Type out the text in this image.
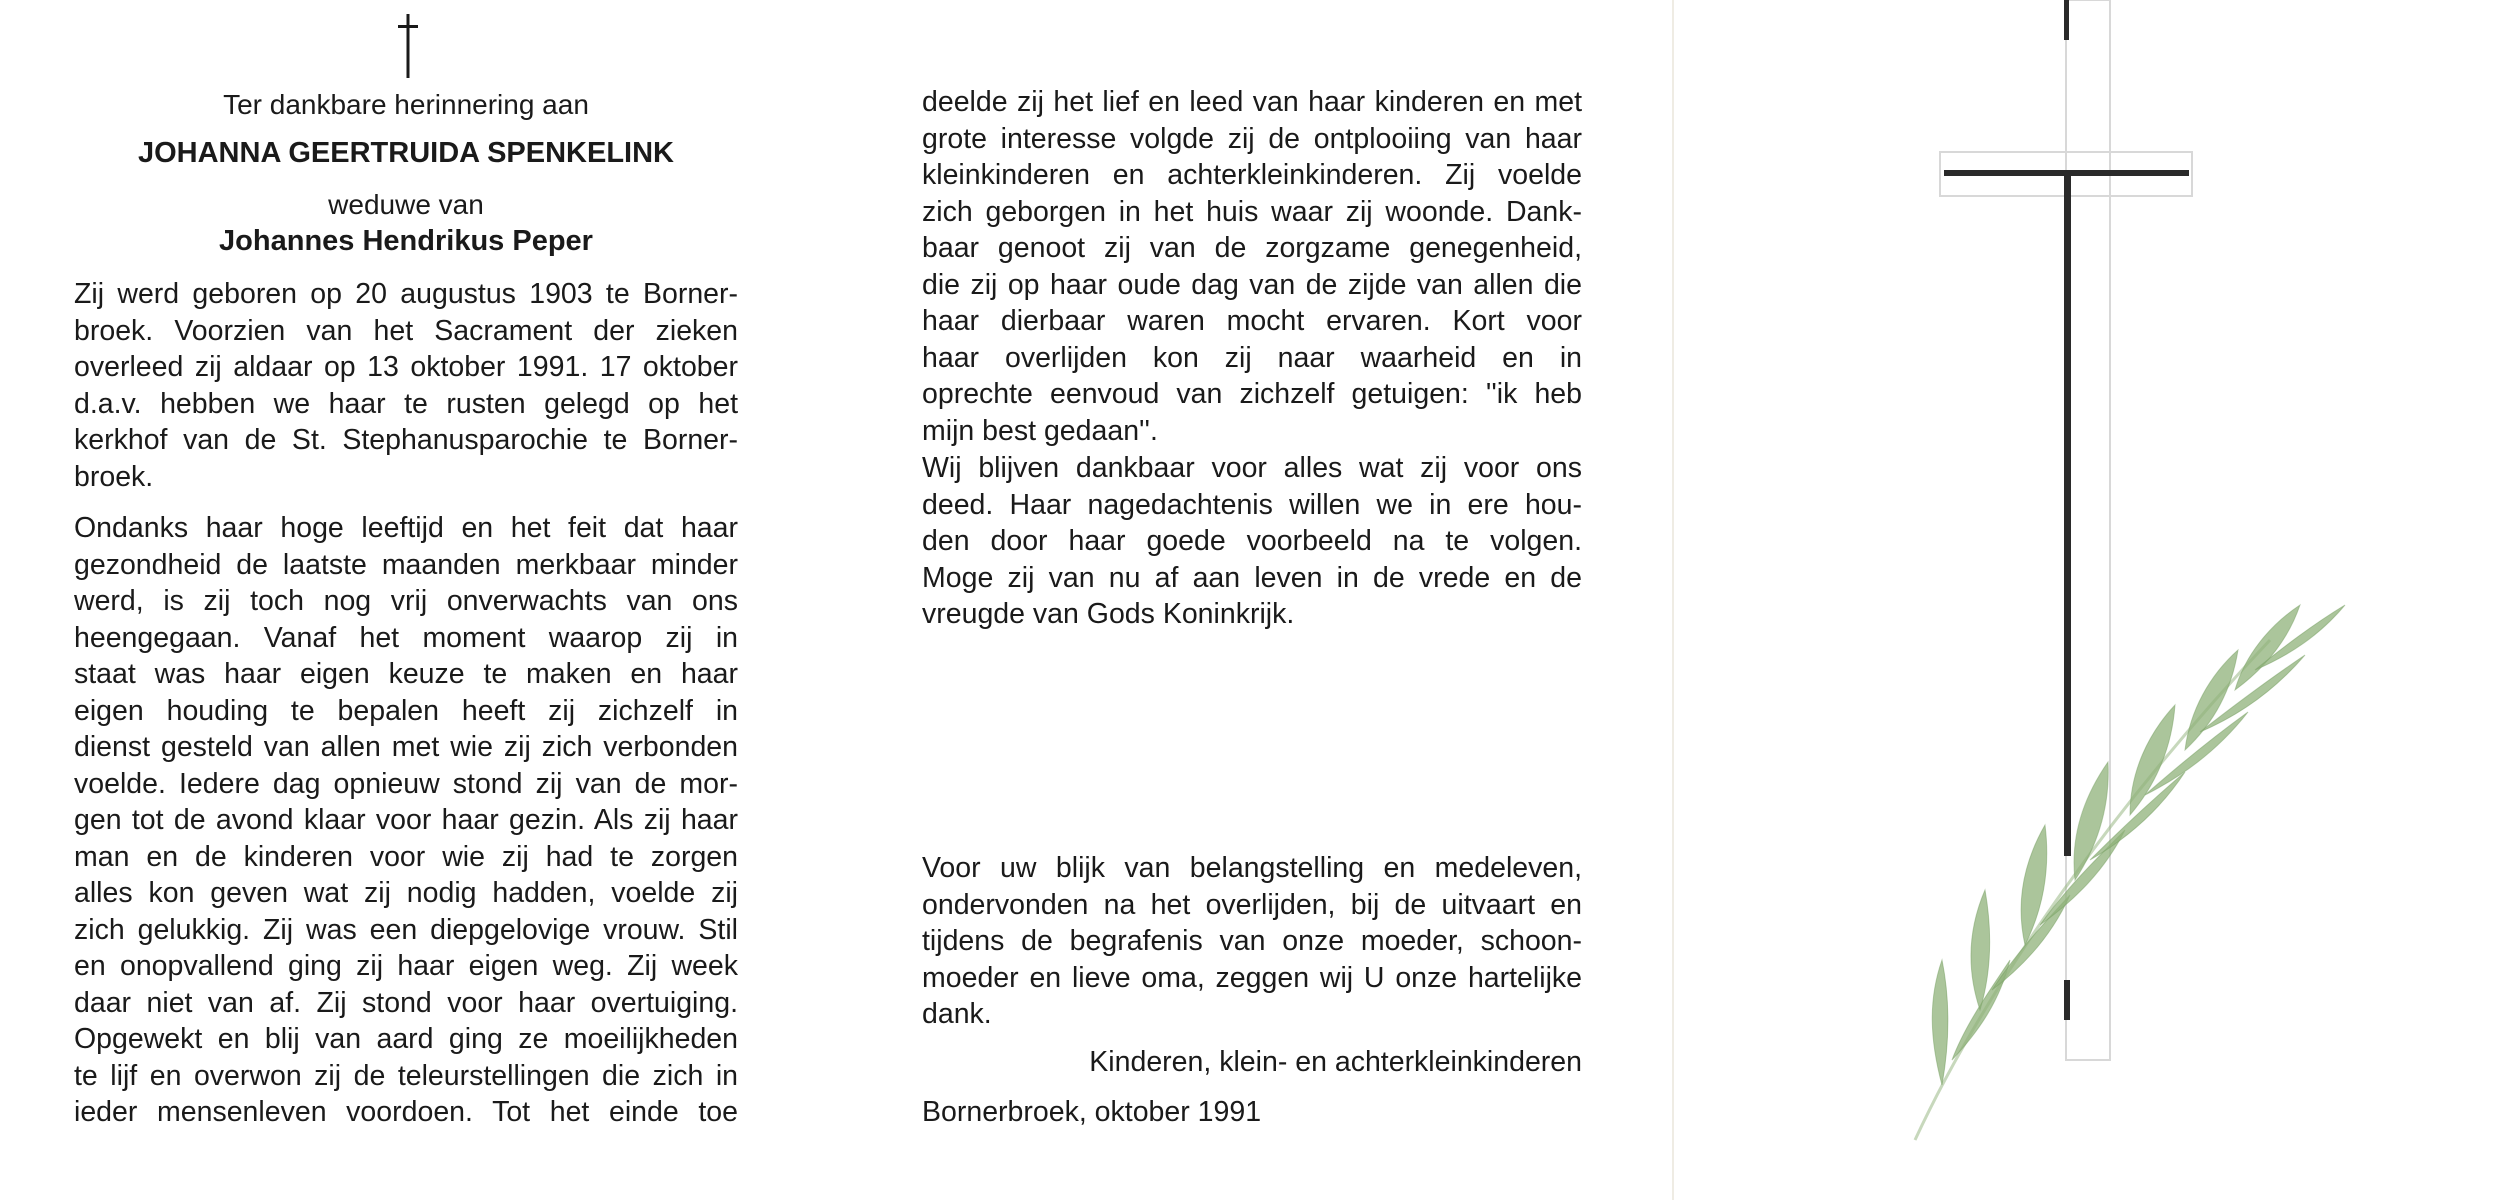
Ter dankbare herinnering aan
JOHANNA GEERTRUIDA SPENKELINK
weduwe van
Johannes Hendrikus Peper
Zij werd geboren op 20 augustus 1903 te Borner-
broek. Voorzien van het Sacrament der zieken
overleed zij aldaar op 13 oktober 1991. 17 oktober
d.a.v. hebben we haar te rusten gelegd op het
kerkhof van de St. Stephanusparochie te Borner-
broek.
Ondanks haar hoge leeftijd en het feit dat haar
gezondheid de laatste maanden merkbaar minder
werd, is zij toch nog vrij onverwachts van ons
heengegaan. Vanaf het moment waarop zij in
staat was haar eigen keuze te maken en haar
eigen houding te bepalen heeft zij zichzelf in
dienst gesteld van allen met wie zij zich verbonden
voelde. Iedere dag opnieuw stond zij van de mor-
gen tot de avond klaar voor haar gezin. Als zij haar
man en de kinderen voor wie zij had te zorgen
alles kon geven wat zij nodig hadden, voelde zij
zich gelukkig. Zij was een diepgelovige vrouw. Stil
en onopvallend ging zij haar eigen weg. Zij week
daar niet van af. Zij stond voor haar overtuiging.
Opgewekt en blij van aard ging ze moeilijkheden
te lijf en overwon zij de teleurstellingen die zich in
ieder mensenleven voordoen. Tot het einde toe
deelde zij het lief en leed van haar kinderen en met
grote interesse volgde zij de ontplooiing van haar
kleinkinderen en achterkleinkinderen. Zij voelde
zich geborgen in het huis waar zij woonde. Dank-
baar genoot zij van de zorgzame genegenheid,
die zij op haar oude dag van de zijde van allen die
haar dierbaar waren mocht ervaren. Kort voor
haar overlijden kon zij naar waarheid en in
oprechte eenvoud van zichzelf getuigen: ''ik heb
mijn best gedaan''.
Wij blijven dankbaar voor alles wat zij voor ons
deed. Haar nagedachtenis willen we in ere hou-
den door haar goede voorbeeld na te volgen.
Moge zij van nu af aan leven in de vrede en de
vreugde van Gods Koninkrijk.
Voor uw blijk van belangstelling en medeleven,
ondervonden na het overlijden, bij de uitvaart en
tijdens de begrafenis van onze moeder, schoon-
moeder en lieve oma, zeggen wij U onze hartelijke
dank.
Kinderen, klein- en achterkleinkinderen
Bornerbroek, oktober 1991
